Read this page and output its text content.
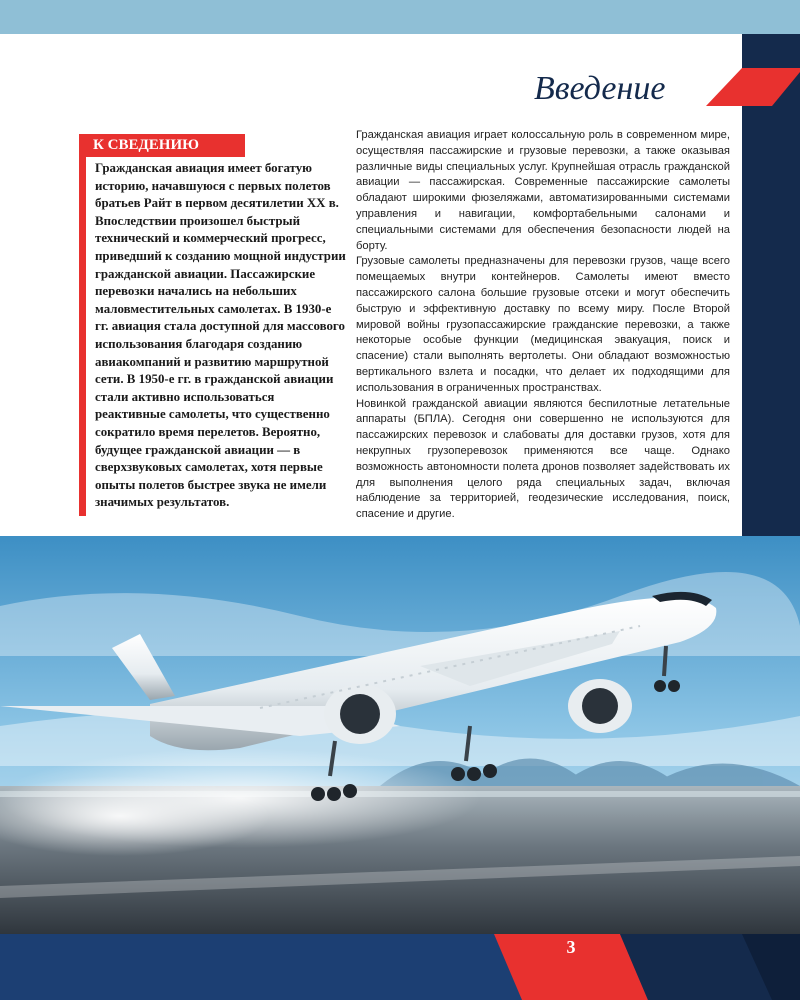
Введение
К СВЕДЕНИЮ

Гражданская авиация имеет богатую историю, начавшуюся с первых полетов братьев Райт в первом десятилетии XX в. Впоследствии произошел быстрый технический и коммерческий прогресс, приведший к созданию мощной индустрии гражданской авиации. Пассажирские перевозки начались на небольших маловместительных самолетах. В 1930-е гг. авиация стала доступной для массового использования благодаря созданию авиакомпаний и развитию маршрутной сети. В 1950-е гг. в гражданской авиации стали активно использоваться реактивные самолеты, что существенно сократило время перелетов. Вероятно, будущее гражданской авиации — в сверхзвуковых самолетах, хотя первые опыты полетов быстрее звука не имели значимых результатов.

Гражданская авиация играет колоссальную роль в современном мире, осуществляя пассажирские и грузовые перевозки, а также оказывая различные виды специальных услуг. Крупнейшая отрасль гражданской авиации — пассажирская. Современные пассажирские самолеты обладают широкими фюзеляжами, автоматизированными системами управления и навигации, комфортабельными салонами и специальными системами для обеспечения безопасности людей на борту.

Грузовые самолеты предназначены для перевозки грузов, чаще всего помещаемых внутри контейнеров. Самолеты имеют вместо пассажирского салона большие грузовые отсеки и могут обеспечить быструю и эффективную доставку по всему миру. После Второй мировой войны грузопассажирские гражданские перевозки, а также некоторые особые функции (медицинская эвакуация, поиск и спасение) стали выполнять вертолеты. Они обладают возможностью вертикального взлета и посадки, что делает их подходящими для использования в ограниченных пространствах.

Новинкой гражданской авиации являются беспилотные летательные аппараты (БПЛА). Сегодня они совершенно не используются для пассажирских перевозок и слабоваты для доставки грузов, хотя для некрупных грузоперевозок применяются все чаще. Однако возможность автономности полета дронов позволяет задействовать их для выполнения целого ряда специальных задач, включая наблюдение за территорией, геодезические исследования, поиск, спасение и другие.

3
